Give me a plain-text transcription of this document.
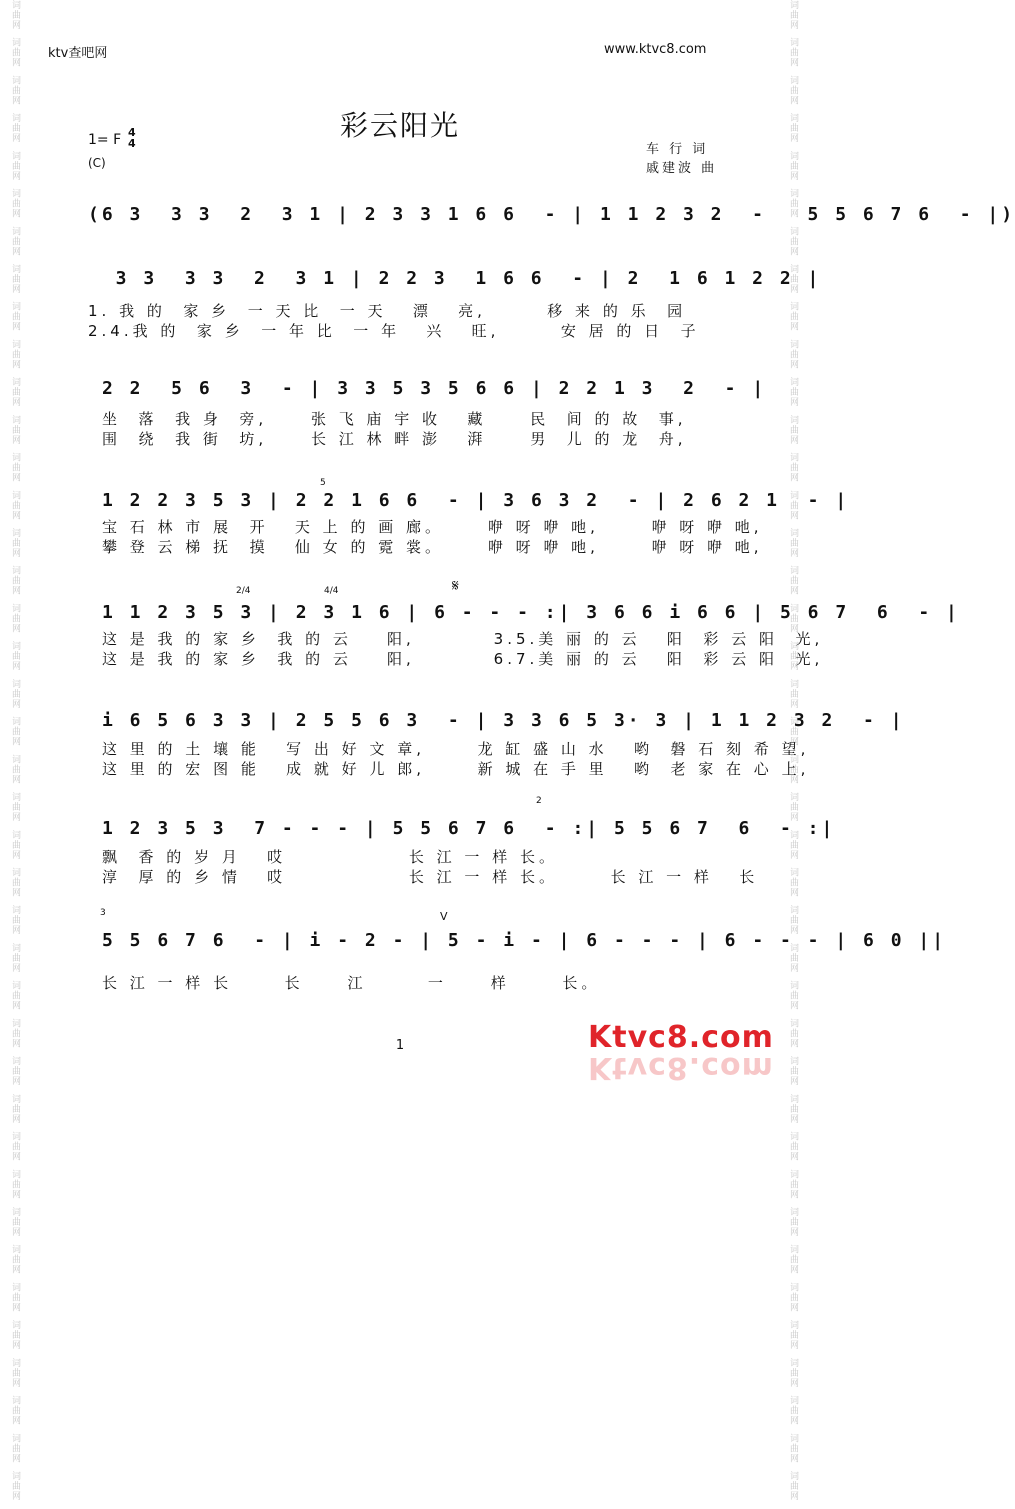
词曲网  词曲网  词曲网  词曲网  词曲网  词曲网  词曲网  词曲网  词曲网  词曲网  词曲网  词曲网  词曲网  词曲网  词曲网  词曲网  词曲网  词曲网  词曲网  词曲网  词曲网  词曲网  词曲网  词曲网  词曲网  词曲网  词曲网  词曲网  词曲网  词曲网  词曲网  词曲网  词曲网  词曲网  词曲网  词曲网  词曲网  词曲网  词曲网  词曲网	词曲网  词曲网  词曲网  词曲网  词曲网  词曲网  词曲网  词曲网  词曲网  词曲网  词曲网  词曲网  词曲网  词曲网  词曲网  词曲网  词曲网  词曲网  词曲网  词曲网  词曲网  词曲网  词曲网  词曲网  词曲网  词曲网  词曲网  词曲网  词曲网  词曲网  词曲网  词曲网  词曲网  词曲网  词曲网  词曲网  词曲网  词曲网  词曲网  词曲网
ktv查吧网	www.ktvc8.com
彩云阳光
1= F 4
4
(C)
车 行 词
戚建波 曲
(6 3  3 3  2  3 1 | 2 3 3 1 6 6  - | 1 1 2 3 2  -   5 5 6 7 6  - |)
3 3  3 3  2  3 1 | 2 2 3  1 6 6  - | 2  1 6 1 2 2 |
1. 我 的  家 乡  一 天 比  一 天   漂   亮,       移 来 的 乐  园
2.4.我 的  家 乡  一 年 比  一 年   兴   旺,       安 居 的 日  子
2 2  5 6  3  - | 3 3 5 3 5 6 6 | 2 2 1 3  2  - |
坐  落  我 身  旁,     张 飞 庙 宇 收   藏     民  间 的 故  事,
围  绕  我 街  坊,     长 江 林 畔 澎   湃     男  儿 的 龙  舟,
5
1 2 2 3 5 3 | 2 2 1 6 6  - | 3 6 3 2  - | 2 6 2 1  - |
宝 石 林 市 展  开   天 上 的 画 廊。     咿 呀 咿 吔,      咿 呀 咿 吔,
攀 登 云 梯 抚  摸   仙 女 的 霓 裳。     咿 呀 咿 吔,      咿 呀 咿 吔,
2/4	4/4	𝄋
1 1 2 3 5 3 | 2 3 1 6 | 6 - - - :| 3 6 6 i 6 6 | 5 6 7  6  - |
这 是 我 的 家 乡  我 的 云    阳,         3.5.美 丽 的 云   阳  彩 云 阳  光,
这 是 我 的 家 乡  我 的 云    阳,         6.7.美 丽 的 云   阳  彩 云 阳  光,
i 6 5 6 3 3 | 2 5 5 6 3  - | 3 3 6 5 3· 3 | 1 1 2 3 2  - |
这 里 的 土 壤 能   写 出 好 文 章,      龙 缸 盛 山 水   哟  磐 石 刻 希 望,
这 里 的 宏 图 能   成 就 好 儿 郎,      新 城 在 手 里   哟  老 家 在 心 上,
2
1 2 3 5 3  7 - - - | 5 5 6 7 6  - :| 5 5 6 7  6  - :|
飘  香 的 岁 月   哎              长 江 一 样 长。
淳  厚 的 乡 情   哎              长 江 一 样 长。      长 江 一 样   长
3	V
5 5 6 7 6  - | i - 2 - | 5 - i - | 6 - - - | 6 - - - | 6 0 ||
长 江 一 样 长      长     江       一     样      长。
1	Ktvc8.com
Ktvc8.com
